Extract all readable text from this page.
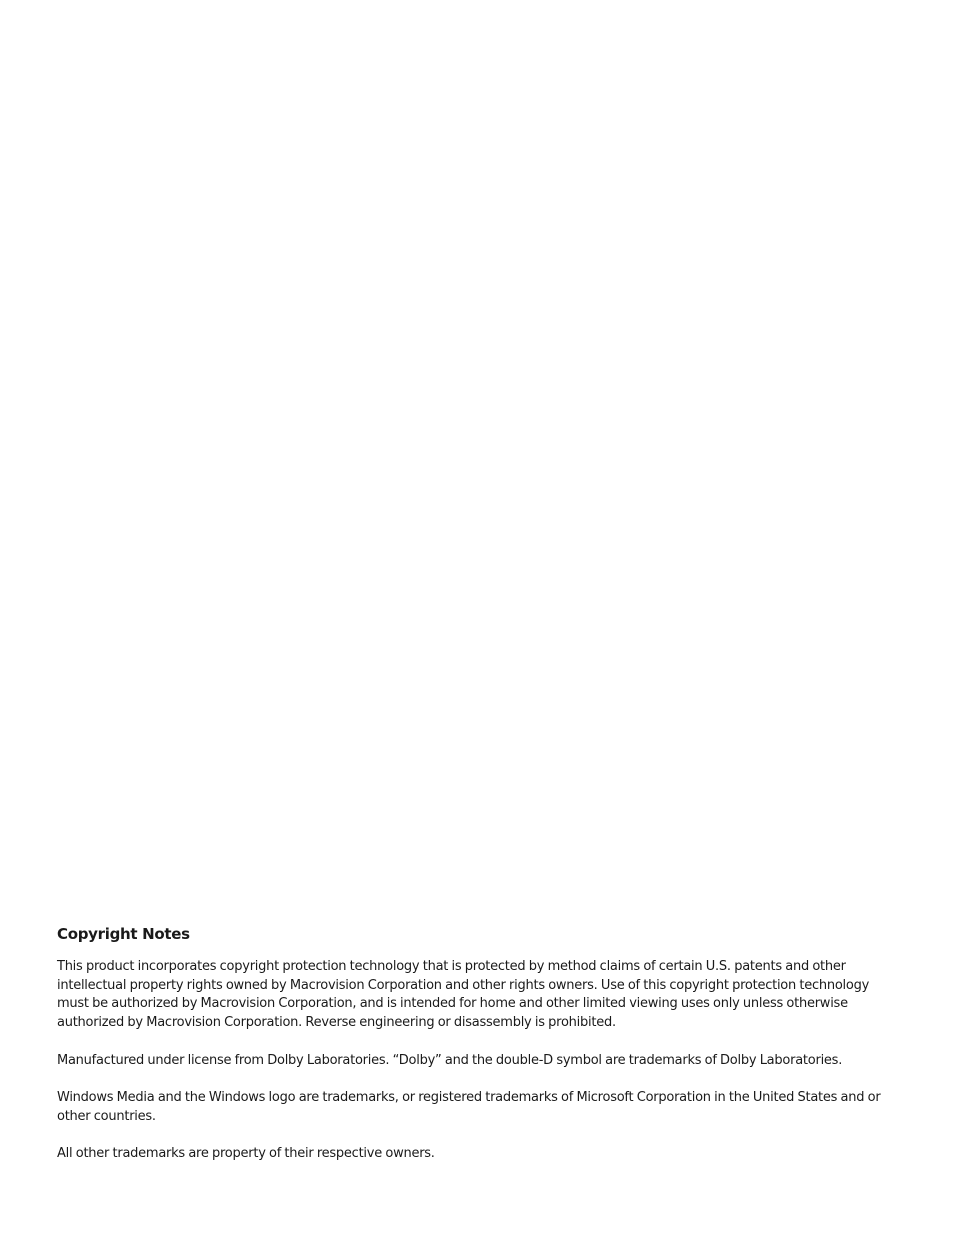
Copyright Notes

This product incorporates copyright protection technology that is protected by method claims of certain U.S. patents and other intellectual property rights owned by Macrovision Corporation and other rights owners. Use of this copyright protection technology must be authorized by Macrovision Corporation, and is intended for home and other limited viewing uses only unless otherwise authorized by Macrovision Corporation. Reverse engineering or disassembly is prohibited.

Manufactured under license from Dolby Laboratories. “Dolby” and the double-D symbol are trademarks of Dolby Laboratories.

Windows Media and the Windows logo are trademarks, or registered trademarks of Microsoft Corporation in the United States and or other countries.

All other trademarks are property of their respective owners.
